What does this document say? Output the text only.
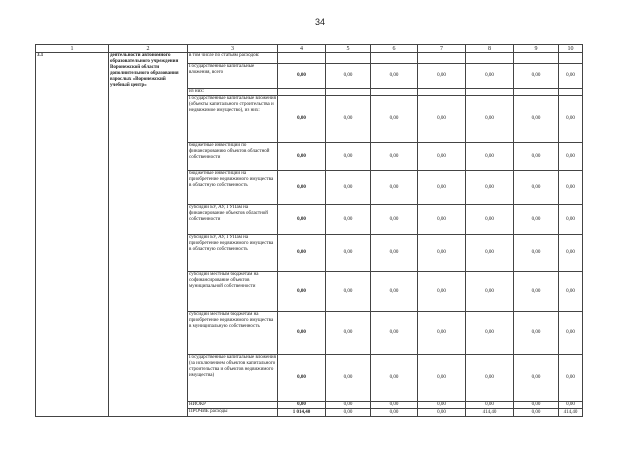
34
1	2	3	4	5	6	7	8	9	10
3.1	деятельности автономного образовательного учреждения Воронежской области дополнительного образования взрослых «Воронежский учебный центр»	в том числе по статьям расходов:							
		Государственные капитальные вложения, всего	0,00	0,00	0,00	0,00	0,00	0,00	0,00
		из них:							
		Государственные капитальные вложения (объекты капитального строительства и недвижимое имущество), из них:	0,00	0,00	0,00	0,00	0,00	0,00	0,00
		бюджетные инвестиции по финансированию объектов областной собственности	0,00	0,00	0,00	0,00	0,00	0,00	0,00
		бюджетные инвестиции на приобретение недвижимого имущества в областную собственность	0,00	0,00	0,00	0,00	0,00	0,00	0,00
		субсидии БУ, АУ, ГУПам на финансирование объектов областной собственности	0,00	0,00	0,00	0,00	0,00	0,00	0,00
		субсидии БУ, АУ, ГУПам на приобретение недвижимого имущества в областную собственность	0,00	0,00	0,00	0,00	0,00	0,00	0,00
		субсидии местным бюджетам на софинансирование объектов муниципальной собственности	0,00	0,00	0,00	0,00	0,00	0,00	0,00
		субсидии местным бюджетам на приобретение недвижимого имущества в муниципальную собственность	0,00	0,00	0,00	0,00	0,00	0,00	0,00
		Государственные капитальные вложения (за исключением объектов капитального строительства и объектов недвижимого имущества)	0,00	0,00	0,00	0,00	0,00	0,00	0,00
		НИОКР	0,00	0,00	0,00	0,00	0,00	0,00	0,00
		ПРОЧИЕ расходы	1 014,40	0,00	0,00	0,00	414,40	0,00	414,40
